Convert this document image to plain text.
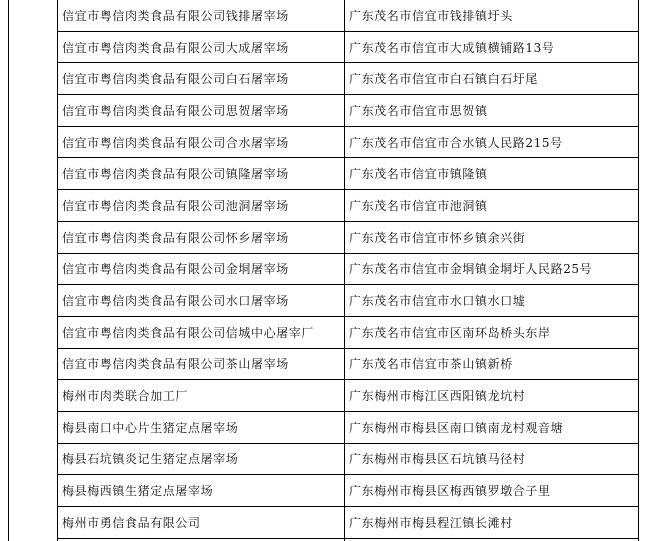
信宜市粤信肉类食品有限公司钱排屠宰场	广东茂名市信宜市钱排镇圩头
信宜市粤信肉类食品有限公司大成屠宰场	广东茂名市信宜市大成镇横铺路13号
信宜市粤信肉类食品有限公司白石屠宰场	广东茂名市信宜市白石镇白石圩尾
信宜市粤信肉类食品有限公司思贺屠宰场	广东茂名市信宜市思贺镇
信宜市粤信肉类食品有限公司合水屠宰场	广东茂名市信宜市合水镇人民路215号
信宜市粤信肉类食品有限公司镇隆屠宰场	广东茂名市信宜市镇隆镇
信宜市粤信肉类食品有限公司池洞屠宰场	广东茂名市信宜市池洞镇
信宜市粤信肉类食品有限公司怀乡屠宰场	广东茂名市信宜市怀乡镇余兴街
信宜市粤信肉类食品有限公司金垌屠宰场	广东茂名市信宜市金垌镇金垌圩人民路25号
信宜市粤信肉类食品有限公司水口屠宰场	广东茂名市信宜市水口镇水口墟
信宜市粤信肉类食品有限公司信城中心屠宰厂	广东茂名市信宜市区南环岛桥头东岸
信宜市粤信肉类食品有限公司茶山屠宰场	广东茂名市信宜市茶山镇新桥
梅州市肉类联合加工厂	广东梅州市梅江区西阳镇龙坑村
梅县南口中心片生猪定点屠宰场	广东梅州市梅县区南口镇南龙村观音塘
梅县石坑镇炎记生猪定点屠宰场	广东梅州市梅县区石坑镇马径村
梅县梅西镇生猪定点屠宰场	广东梅州市梅县区梅西镇罗墩合子里
梅州市勇信食品有限公司	广东梅州市梅县程江镇长滩村
